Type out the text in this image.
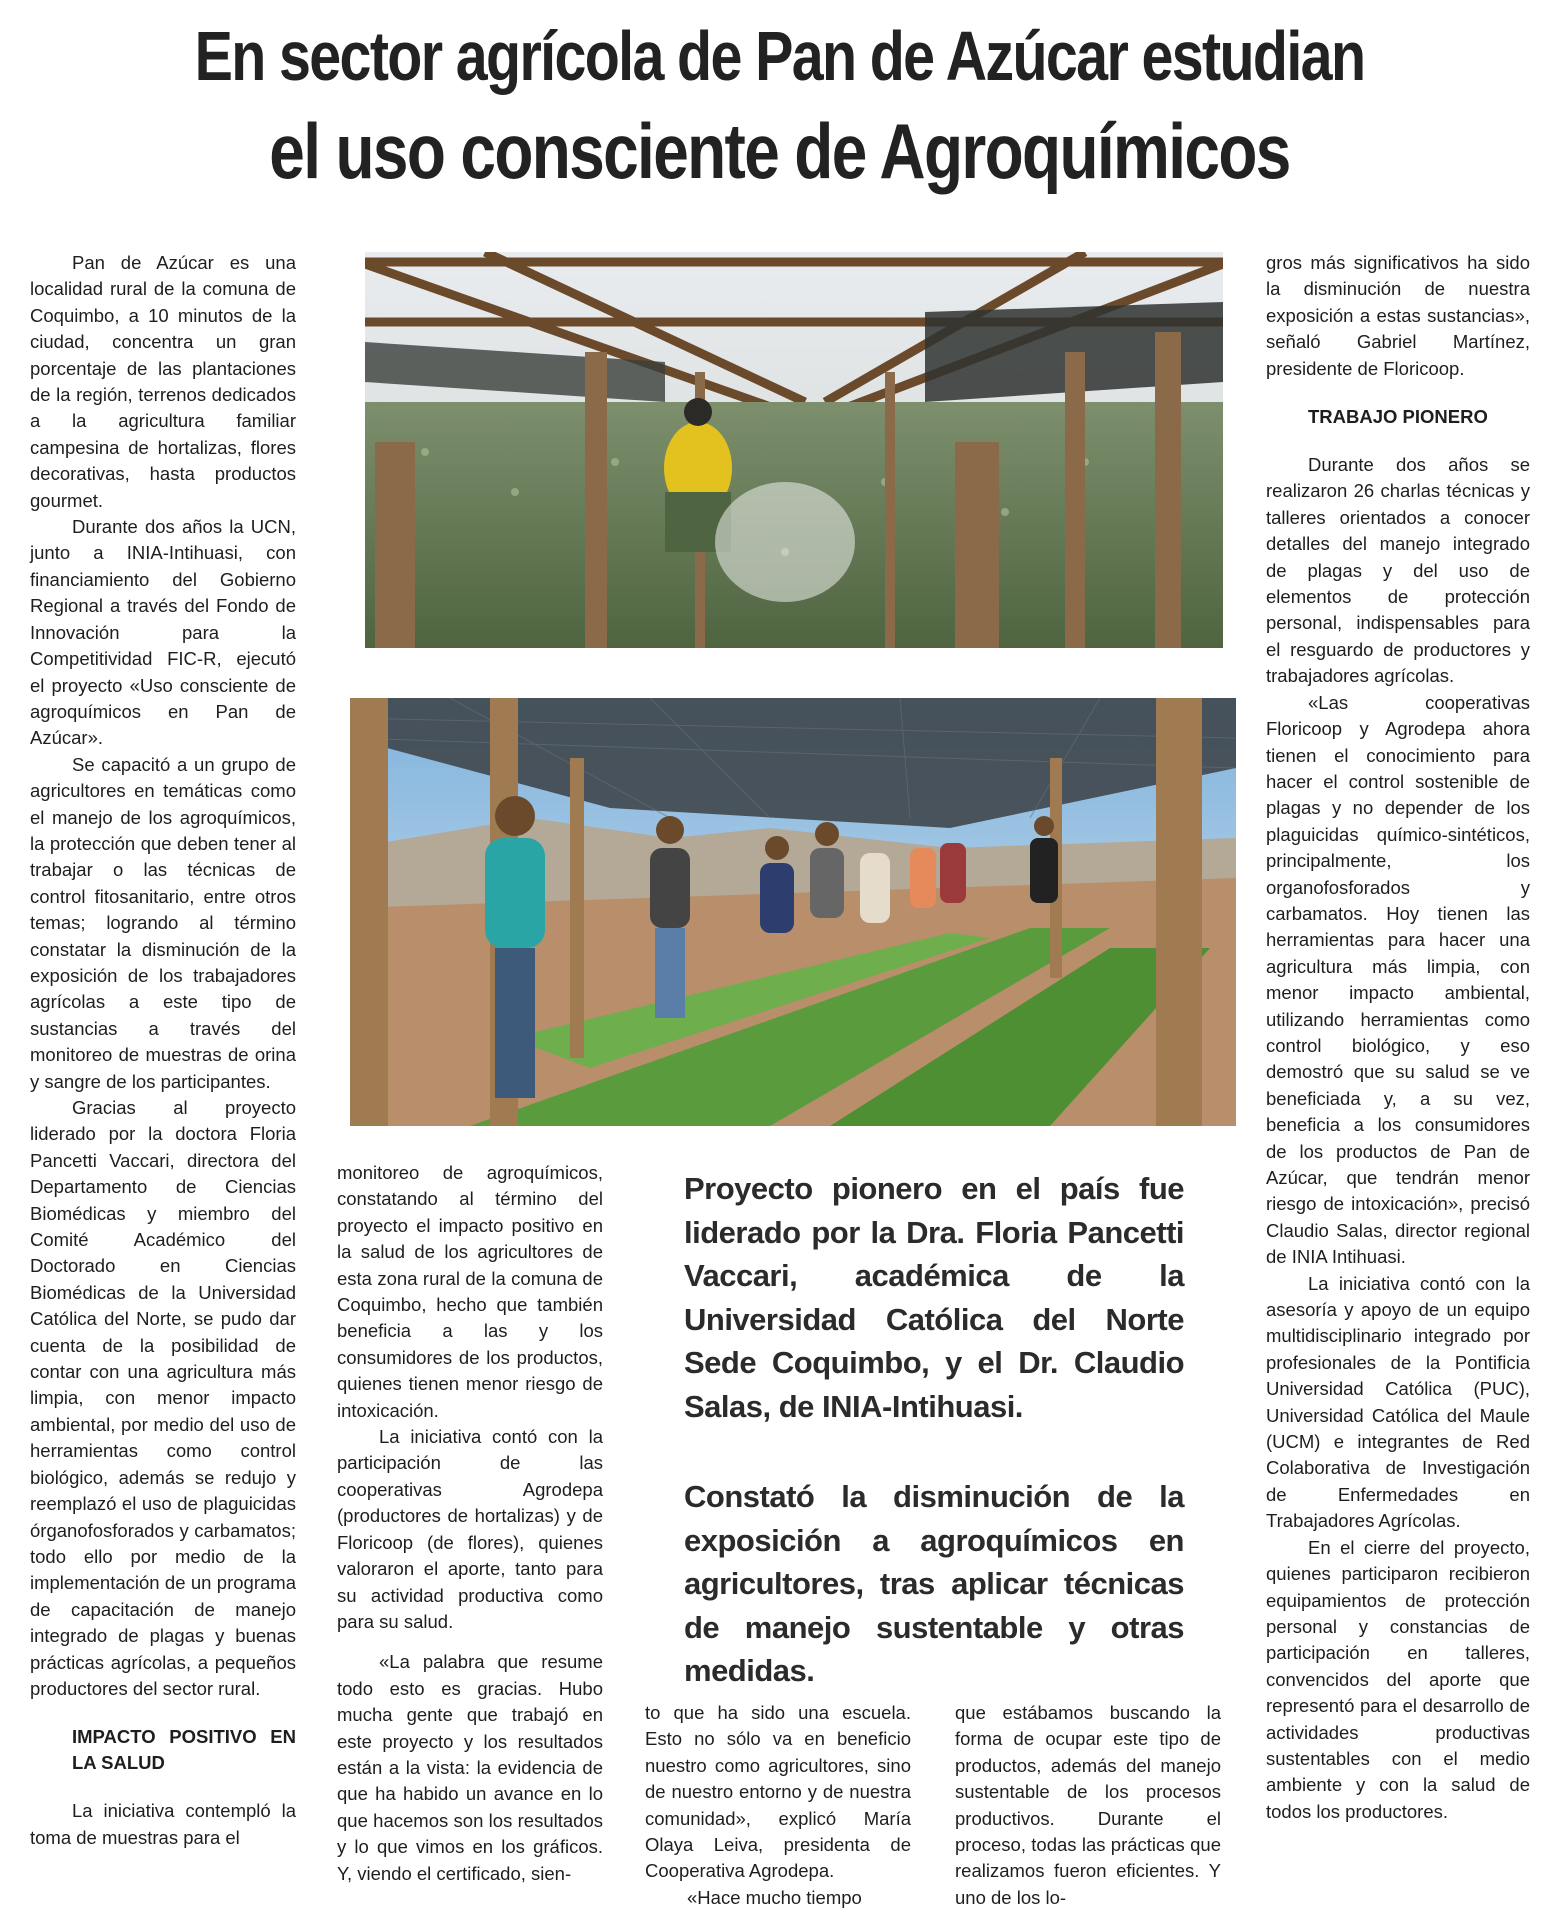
En sector agrícola de Pan de Azúcar estudian
el uso consciente de Agroquímicos

Pan de Azúcar es una localidad rural de la comuna de Coquimbo, a 10 minutos de la ciudad, concentra un gran porcentaje de las plantaciones de la región, terrenos dedicados a la agricultura familiar campesina de hortalizas, flores decorativas, hasta productos gourmet.

Durante dos años la UCN, junto a INIA-Intihuasi, con financiamiento del Gobierno Regional a través del Fondo de Innovación para la Competitividad FIC-R, ejecutó el proyecto «Uso consciente de agroquímicos en Pan de Azúcar».

Se capacitó a un grupo de agricultores en temáticas como el manejo de los agroquímicos, la protección que deben tener al trabajar o las técnicas de control fitosanitario, entre otros temas; logrando al término constatar la disminución de la exposición de los trabajadores agrícolas a este tipo de sustancias a través del monitoreo de muestras de orina y sangre de los participantes.

Gracias al proyecto liderado por la doctora Floria Pancetti Vaccari, directora del Departamento de Ciencias Biomédicas y miembro del Comité Académico del Doctorado en Ciencias Biomédicas de la Universidad Católica del Norte, se pudo dar cuenta de la posibilidad de contar con una agricultura más limpia, con menor impacto ambiental, por medio del uso de herramientas como control biológico, además se redujo y reemplazó el uso de plaguicidas órganofosforados y carbamatos; todo ello por medio de la implementación de un programa de capacitación de manejo integrado de plagas y buenas prácticas agrícolas, a pequeños productores del sector rural.

IMPACTO POSITIVO EN LA SALUD

La iniciativa contempló la toma de muestras para el

monitoreo de agroquímicos, constatando al término del proyecto el impacto positivo en la salud de los agricultores de esta zona rural de la comuna de Coquimbo, hecho que también beneficia a las y los consumidores de los productos, quienes tienen menor riesgo de intoxicación.

La iniciativa contó con la participación de las cooperativas Agrodepa (productores de hortalizas) y de Floricoop (de flores), quienes valoraron el aporte, tanto para su actividad productiva como para su salud.

«La palabra que resume todo esto es gracias. Hubo mucha gente que trabajó en este proyecto y los resultados están a la vista: la evidencia de que ha habido un avance en lo que hacemos son los resultados y lo que vimos en los gráficos. Y, viendo el certificado, sien-

Proyecto pionero en el país fue liderado por la Dra. Floria Pancetti Vaccari, académica de la Universidad Católica del Norte Sede Coquimbo, y el Dr. Claudio Salas, de INIA-Intihuasi.
Constató la disminución de la exposición a agroquímicos en agricultores, tras aplicar técnicas de manejo sustentable y otras medidas.

to que ha sido una escuela. Esto no sólo va en beneficio nuestro como agricultores, sino de nuestro entorno y de nuestra comunidad», explicó María Olaya Leiva, presidenta de Cooperativa Agrodepa.

«Hace mucho tiempo

que estábamos buscando la forma de ocupar este tipo de productos, además del manejo sustentable de los procesos productivos. Durante el proceso, todas las prácticas que realizamos fueron eficientes. Y uno de los lo-

gros más significativos ha sido la disminución de nuestra exposición a estas sustancias», señaló Gabriel Martínez, presidente de Floricoop.

TRABAJO PIONERO

Durante dos años se realizaron 26 charlas técnicas y talleres orientados a conocer detalles del manejo integrado de plagas y del uso de elementos de protección personal, indispensables para el resguardo de productores y trabajadores agrícolas.

«Las cooperativas Floricoop y Agrodepa ahora tienen el conocimiento para hacer el control sostenible de plagas y no depender de los plaguicidas químico-sintéticos, principalmente, los organofosforados y carbamatos. Hoy tienen las herramientas para hacer una agricultura más limpia, con menor impacto ambiental, utilizando herramientas como control biológico, y eso demostró que su salud se ve beneficiada y, a su vez, beneficia a los consumidores de los productos de Pan de Azúcar, que tendrán menor riesgo de intoxicación», precisó Claudio Salas, director regional de INIA Intihuasi.

La iniciativa contó con la asesoría y apoyo de un equipo multidisciplinario integrado por profesionales de la Pontificia Universidad Católica (PUC), Universidad Católica del Maule (UCM) e integrantes de Red Colaborativa de Investigación de Enfermedades en Trabajadores Agrícolas.

En el cierre del proyecto, quienes participaron recibieron equipamientos de protección personal y constancias de participación en talleres, convencidos del aporte que representó para el desarrollo de actividades productivas sustentables con el medio ambiente y con la salud de todos los productores.
